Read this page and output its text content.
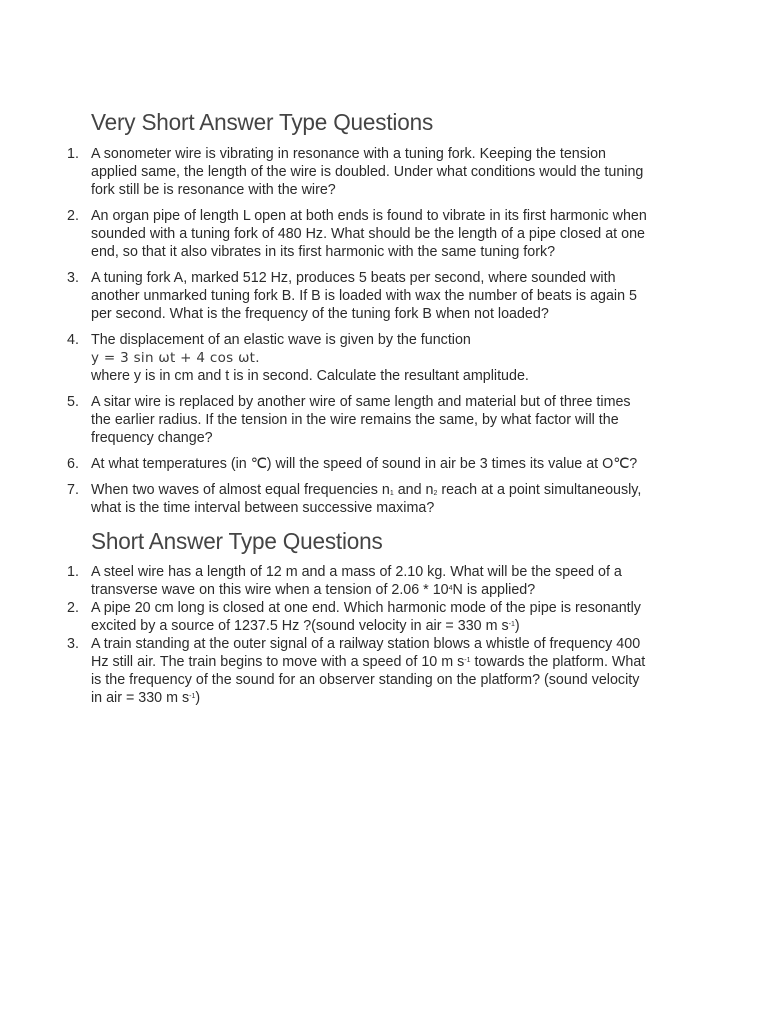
Very Short Answer Type Questions
1. A sonometer wire is vibrating in resonance with a tuning fork. Keeping the tension
applied same, the length of the wire is doubled. Under what conditions would the tuning
fork still be is resonance with the wire?
2. An organ pipe of length L open at both ends is found to vibrate in its first harmonic when
sounded with a tuning fork of 480 Hz. What should be the length of a pipe closed at one
end, so that it also vibrates in its first harmonic with the same tuning fork?
3. A tuning fork A, marked 512 Hz, produces 5 beats per second, where sounded with
another unmarked tuning fork B. If B is loaded with wax the number of beats is again 5
per second. What is the frequency of the tuning fork B when not loaded?
4. The displacement of an elastic wave is given by the function
y = 3 sin ωt + 4 cos ωt.
where y is in cm and t is in second. Calculate the resultant amplitude.
5. A sitar wire is replaced by another wire of same length and material but of three times
the earlier radius. If the tension in the wire remains the same, by what factor will the
frequency change?
6. At what temperatures (in ℃) will the speed of sound in air be 3 times its value at O℃?
7. When two waves of almost equal frequencies $n_1$ and $n_2$ reach at a point simultaneously,
what is the time interval between successive maxima?
Short Answer Type Questions
1. A steel wire has a length of 12 m and a mass of 2.10 kg. What will be the speed of a
transverse wave on this wire when a tension of $2.06 * 10^4N$ is applied?
2. A pipe 20 cm long is closed at one end. Which harmonic mode of the pipe is resonantly
excited by a source of 1237.5 Hz ?(sound velocity in air = 330 m $s^{-1}$)
3. A train standing at the outer signal of a railway station blows a whistle of frequency 400
Hz still air. The train begins to move with a speed of 10 m $s^{-1}$ towards the platform. What
is the frequency of the sound for an observer standing on the platform? (sound velocity
in air = 330 m $s^{-1}$)
